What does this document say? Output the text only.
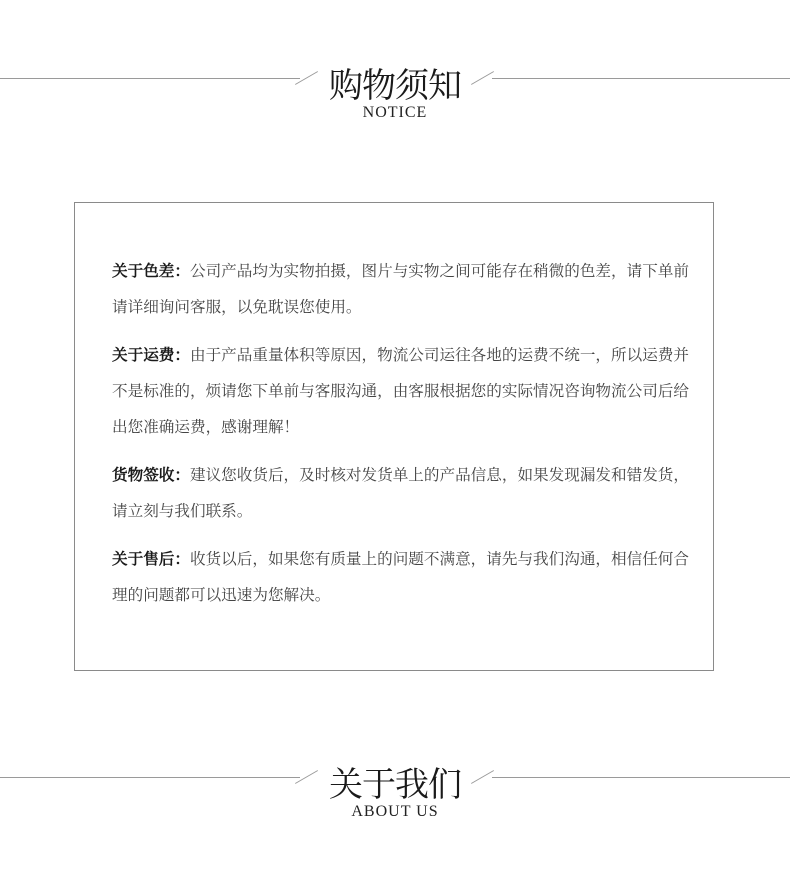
购物须知
NOTICE
关于色差：公司产品均为实物拍摄，图片与实物之间可能存在稍微的色差，请下单前请详细询问客服，以免耽误您使用。
关于运费：由于产品重量体积等原因，物流公司运往各地的运费不统一，所以运费并不是标准的，烦请您下单前与客服沟通，由客服根据您的实际情况咨询物流公司后给出您准确运费，感谢理解！
货物签收：建议您收货后，及时核对发货单上的产品信息，如果发现漏发和错发货，请立刻与我们联系。
关于售后：收货以后，如果您有质量上的问题不满意，请先与我们沟通，相信任何合理的问题都可以迅速为您解决。
关于我们
ABOUT US
